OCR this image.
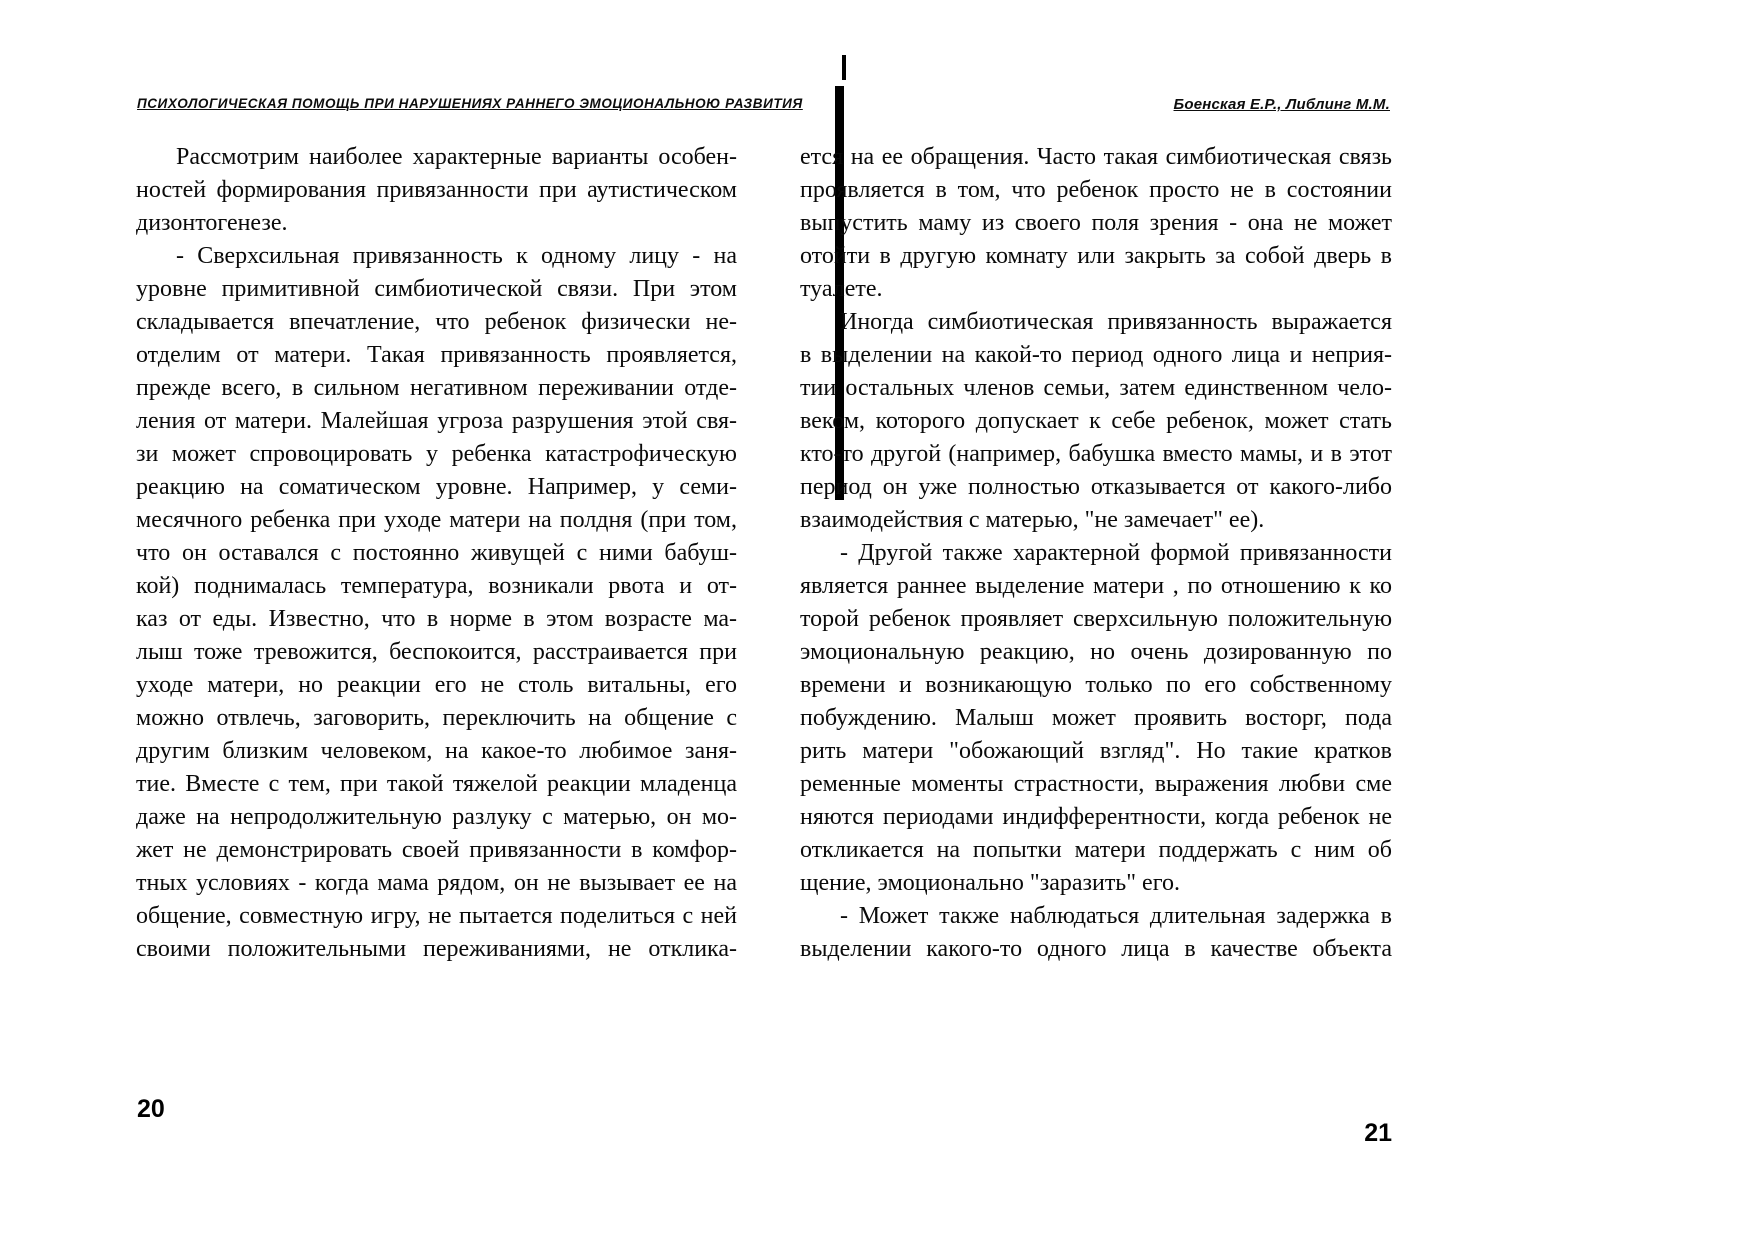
ПСИХОЛОГИЧЕСКАЯ ПОМОЩЬ ПРИ НАРУШЕНИЯХ РАННЕГО ЭМОЦИОНАЛЬНОЮ РАЗВИТИЯ	Боенская Е.Р., Либлинг М.М.
Рассмотрим наиболее характерные варианты особен-
ностей формирования привязанности при аутистическом
дизонтогенезе.
- Сверхсильная привязанность к одному лицу - на
уровне примитивной симбиотической связи. При этом
складывается впечатление, что ребенок физически не-
отделим от матери. Такая привязанность проявляется,
прежде всего, в сильном негативном переживании отде-
ления от матери. Малейшая угроза разрушения этой свя-
зи может спровоцировать у ребенка катастрофическую
реакцию на соматическом уровне. Например, у семи-
месячного ребенка при уходе матери на полдня (при том,
что он оставался с постоянно живущей с ними бабуш-
кой) поднималась температура, возникали рвота и от-
каз от еды. Известно, что в норме в этом возрасте ма-
лыш тоже тревожится, беспокоится, расстраивается при
уходе матери, но реакции его не столь витальны, его
можно отвлечь, заговорить, переключить на общение с
другим близким человеком, на какое-то любимое заня-
тие. Вместе с тем, при такой тяжелой реакции младенца
даже на непродолжительную разлуку с матерью, он мо-
жет не демонстрировать своей привязанности в комфор-
тных условиях - когда мама рядом, он не вызывает ее на
общение, совместную игру, не пытается поделиться с ней
своими положительными переживаниями, не отклика-
ется на ее обращения. Часто такая симбиотическая связь
проявляется в том, что ребенок просто не в состоянии
выпустить маму из своего поля зрения - она не может
отойти в другую комнату или закрыть за собой дверь в
туалете.
Иногда симбиотическая привязанность выражается
в выделении на какой-то период одного лица и неприя-
тии остальных членов семьи, затем единственном чело-
веком, которого допускает к себе ребенок, может стать
кто-то другой (например, бабушка вместо мамы, и в этот
период он уже полностью отказывается от какого-либо
взаимодействия с матерью, "не замечает" ее).
- Другой также характерной формой привязанности
является раннее выделение матери , по отношению к ко
торой ребенок проявляет сверхсильную положительную
эмоциональную реакцию, но очень дозированную по
времени и возникающую только по его собственному
побуждению. Малыш может проявить восторг, пода
рить матери "обожающий взгляд". Но такие кратков
ременные моменты страстности, выражения любви сме
няются периодами индифферентности, когда ребенок не
откликается на попытки матери поддержать с ним об
щение, эмоционально "заразить" его.
- Может также наблюдаться длительная задержка в
выделении какого-то одного лица в качестве объекта
20
21
